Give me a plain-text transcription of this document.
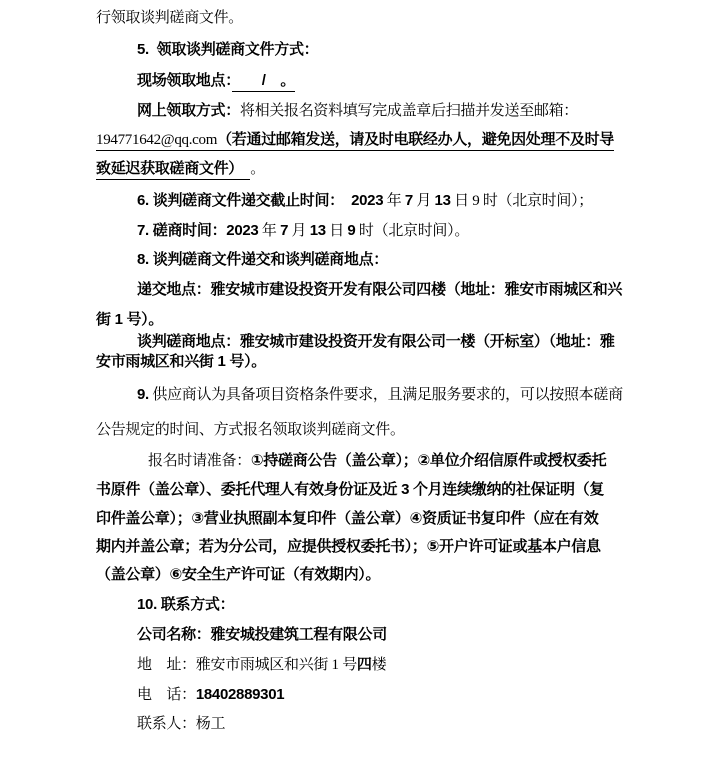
行领取谈判磋商文件。
5.  领取谈判磋商文件方式：
现场领取地点：　　/　。
网上领取方式：将相关报名资料填写完成盖章后扫描并发送至邮箱：
194771642@qq.com（若通过邮箱发送，请及时电联经办人，避免因处理不及时导
致延迟获取磋商文件）　。
6. 谈判磋商文件递交截止时间：　 2023 年 7 月 13 日 9 时（北京时间）；
7. 磋商时间：2023 年 7 月 13 日 9 时（北京时间）。
8. 谈判磋商文件递交和谈判磋商地点：
递交地点：雅安城市建设投资开发有限公司四楼（地址：雅安市雨城区和兴
街 1 号）。
谈判磋商地点：雅安城市建设投资开发有限公司一楼（开标室）（地址：雅
安市雨城区和兴街 1 号）。
9. 供应商认为具备项目资格条件要求，且满足服务要求的，可以按照本磋商
公告规定的时间、方式报名领取谈判磋商文件。
报名时请准备：①持磋商公告（盖公章）；②单位介绍信原件或授权委托
书原件（盖公章）、委托代理人有效身份证及近 3 个月连续缴纳的社保证明（复
印件盖公章）；③营业执照副本复印件（盖公章）④资质证书复印件（应在有效
期内并盖公章；若为分公司，应提供授权委托书）；⑤开户许可证或基本户信息
（盖公章）⑥安全生产许可证（有效期内）。
10. 联系方式：
公司名称：雅安城投建筑工程有限公司
地　址：雅安市雨城区和兴街 1 号四楼
电　话：18402889301
联系人：杨工
